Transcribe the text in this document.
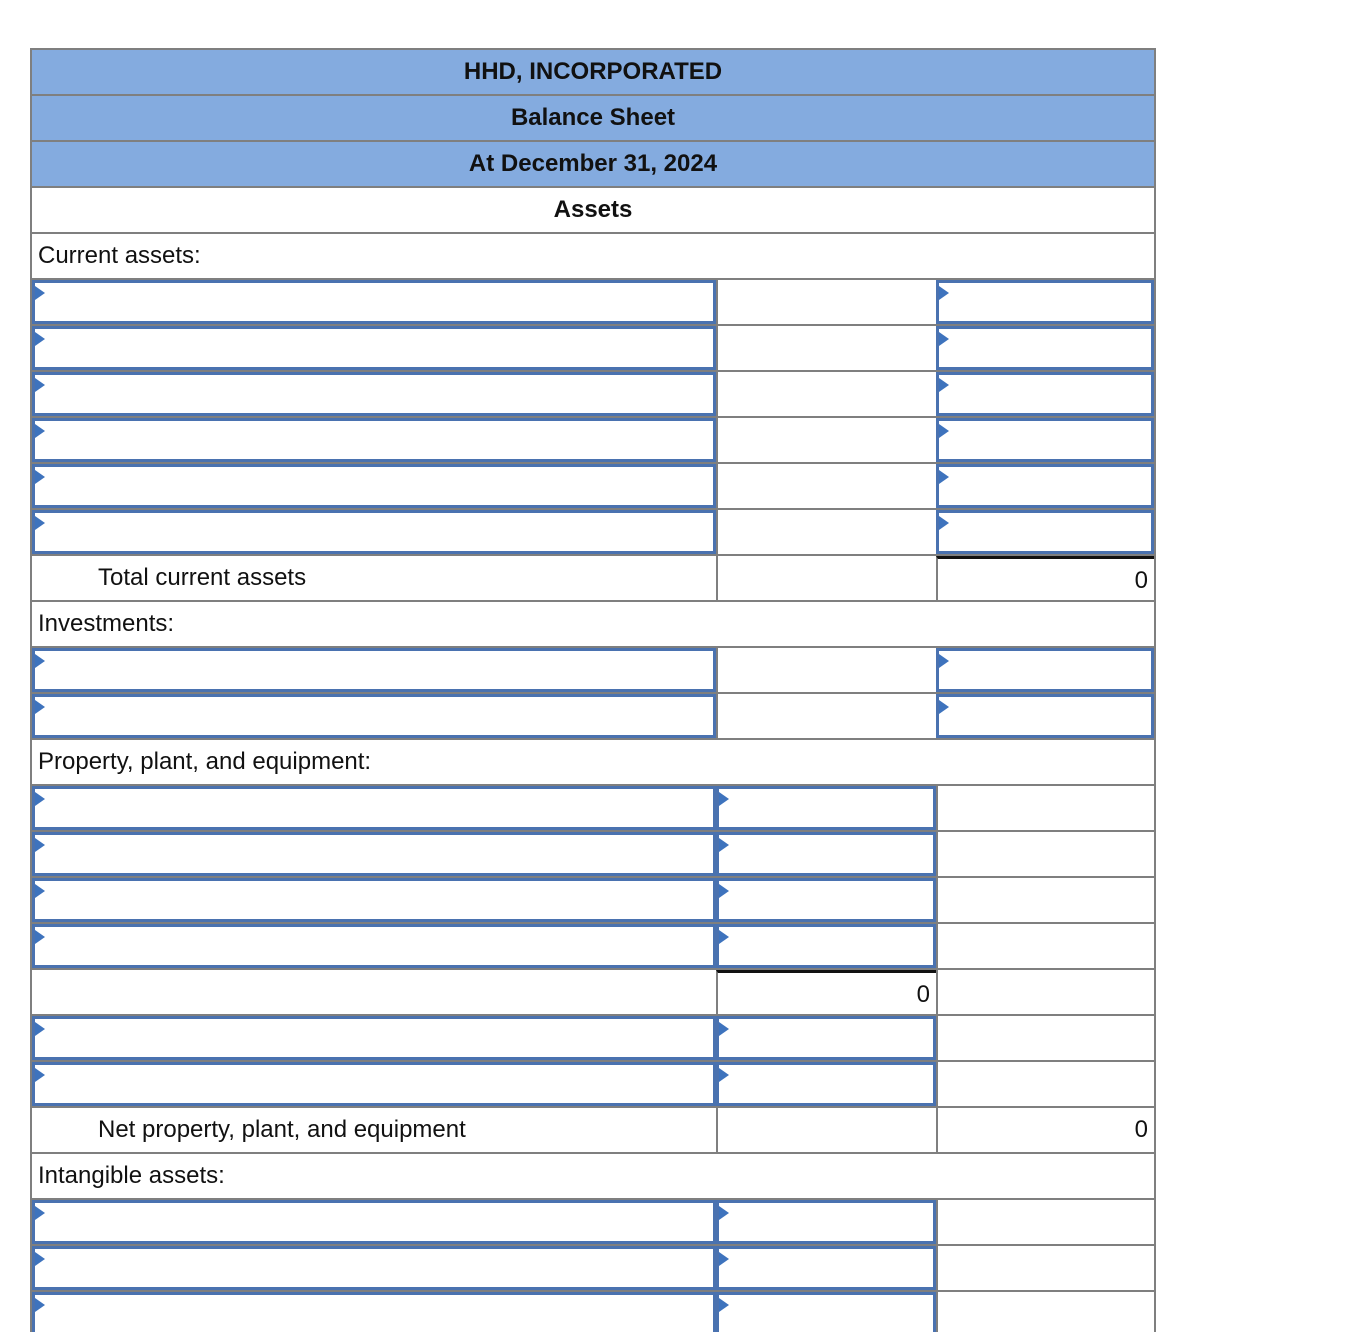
HHD, INCORPORATED
Balance Sheet
At December 31, 2024
Assets
Current assets:
Total current assets	0
Investments:
Property, plant, and equipment:
0
Net property, plant, and equipment	0
Intangible assets:
